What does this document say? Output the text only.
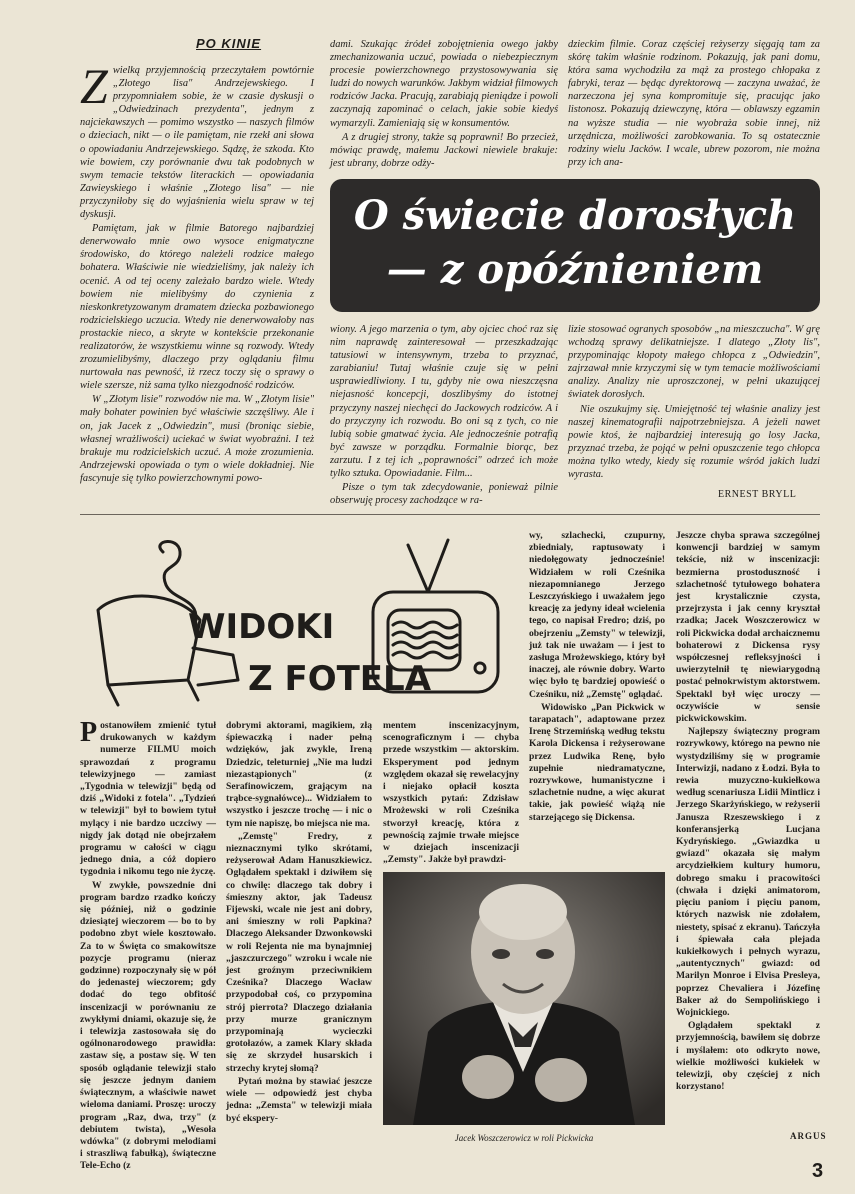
PO KINIE
Z wielką przyjemnością przeczytałem powtórnie „Złotego lisa" Andrzejewskiego. I przypomniałem sobie, że w czasie dyskusji o „Odwiedzinach prezydenta", jednym z najciekawszych — pomimo wszystko — naszych filmów o dzieciach, nikt — o ile pamiętam, nie rzekł ani słowa o opowiadaniu Andrzejewskiego. Sądzę, że szkoda. Kto wie bowiem, czy porównanie dwu tak podobnych w swym temacie tekstów literackich — opowiadania Zawieyskiego i właśnie „Złotego lisa" — nie przyczyniłoby się do wyjaśnienia wielu spraw w tej dyskusji.

Pamiętam, jak w filmie Batorego najbardziej denerwowało mnie owo wysoce enigmatyczne środowisko, do którego należeli rodzice małego bohatera. Właściwie nie wiedzieliśmy, jak należy ich ocenić. A od tej oceny zależało bardzo wiele. Wtedy bowiem nie mielibyśmy do czynienia z nieskonkretyzowanym dramatem dziecka pozbawionego rodzicielskiego uczucia. Wtedy nie denerwowałoby nas prostackie nieco, a skryte w kontekście przekonanie realizatorów, że wszystkiemu winne są rozwody. Wtedy zrozumielibyśmy, dlaczego przy oglądaniu filmu nurtowała nas pewność, iż rzecz toczy się o sprawy o wiele szersze, niż sama tylko niezgodność rodziców.

W „Złotym lisie" rozwodów nie ma. W „Złotym lisie" mały bohater powinien być właściwie szczęśliwy. Ale i on, jak Jacek z „Odwiedzin", musi (broniąc siebie, własnej wrażliwości) uciekać w świat wyobraźni. I też brakuje mu rodzicielskich uczuć. A może zrozumienia. Andrzejewski opowiada o tym o wiele dokładniej. Nie fascynuje się tylko powierzchownymi powo-

dami. Szukając źródeł zobojętnienia owego jakby zmechanizowania uczuć, powiada o niebezpiecznym procesie powierzchownego przystosowywania się ludzi do nowych warunków. Jakbym widział filmowych rodziców Jacka. Pracują, zarabiają pieniądze i powoli zaczynają zapominać o celach, jakie sobie kiedyś wymarzyli. Zamieniają się w konsumentów.

A z drugiej strony, także są poprawni! Bo przecież, mówiąc prawdę, małemu Jackowi niewiele brakuje: jest ubrany, dobrze odży-

dzieckim filmie. Coraz częściej reżyserzy sięgają tam za skórę takim właśnie rodzinom. Pokazują, jak pani domu, która sama wychodziła za mąż za prostego chłopaka z fabryki, teraz — będąc dyrektorową — zaczyna uważać, że narzeczona jej syna kompromituje się, pracując jako listonosz. Pokazują dziewczynę, która — oblawszy egzamin na wyższe studia — nie wyobraża sobie innej, niż urzędnicza, możliwości zarobkowania. To są ostatecznie rodziny wielu Jacków. I wcale, ubrew pozorom, nie można przy ich ana-

O świecie dorosłych
— z opóźnieniem

wiony. A jego marzenia o tym, aby ojciec choć raz się nim naprawdę zainteresował — przeszkadzając tatusiowi w intensywnym, trzeba to przyznać, zarabianiu! Tutaj właśnie czuje się w pełni usprawiedliwiony. I tu, gdyby nie owa nieszczęsna niejasność koncepcji, doszlibyśmy do istotnej przyczyny naszej niechęci do Jackowych rodziców. A i do przyczyny ich rozwodu. Bo oni są z tych, co nie lubią sobie gmatwać życia. Ale jednocześnie potrafią być zawsze w porządku. Formalnie biorąc, bez zarzutu. I z tej ich „poprawności" odrzeć ich może tylko sztuka. Opowiadanie. Film...

Pisze o tym tak zdecydowanie, ponieważ pilnie obserwuję procesy zachodzące w ra-

lizie stosować ogranych sposobów „na mieszczucha". W grę wchodzą sprawy delikatniejsze. I dlatego „Złoty lis", przypominając kłopoty małego chłopca z „Odwiedzin", zajrzawał mnie krzyczymi się w tym temacie możliwościami analizy. Analizy nie uproszczonej, w pełni ukazującej światek dorosłych.

Nie oszukujmy się. Umiejętność tej właśnie analizy jest naszej kinematografii najpotrzebniejsza. A jeżeli nawet powie ktoś, że najbardziej interesują go losy Jacka, przyznać trzeba, że pojąć w pełni opuszczenie tego chłopca można tylko wtedy, kiedy się rozumie wśród jakich ludzi wyrasta.

ERNEST BRYLL
WIDOKI
Z FOTELA
P ostanowiłem zmienić tytuł drukowanych w każdym numerze FILMU moich sprawozdań z programu telewizyjnego — zamiast „Tygodnia w telewizji" będą od dziś „Widoki z fotela". „Tydzień w telewizji" był to bowiem tytuł mylący i nie bardzo uczciwy — nigdy jak dotąd nie obejrzałem programu w całości w ciągu jednego dnia, a cóż dopiero tygodnia i nikomu tego nie życzę.

W zwykłe, powszednie dni program bardzo rzadko kończy się później, niż o godzinie dziesiątej wieczorem — bo to by podobno zbyt wiele kosztowało. Za to w Święta co smakowitsze pozycje programu (nieraz godzinne) rozpoczynały się w pół do jedenastej wieczorem; gdy dodać do tego obfitość inscenizacji w porównaniu ze zwykłymi dniami, okazuje się, że i telewizja zastosowała się do ogólnonarodowego prawidła: zastaw się, a postaw się. W ten sposób oglądanie telewizji stało się jeszcze jednym daniem świątecznym, a właściwie nawet wieloma daniami. Proszę: uroczy program „Raz, dwa, trzy" (z debiutem twista), „Wesoła wdówka" (z dobrymi melodiami i straszliwą fabułką), świąteczne Tele-Echo (z

dobrymi aktorami, magikiem, złą śpiewaczką i nader pełną wdzięków, jak zwykle, Ireną Dziedzic, teleturniej „Nie ma ludzi niezastąpionych" (z Serafinowiczem, grającym na trąbce-sygnałówce)... Widziałem to wszystko i jeszcze trochę — i nic o tym nie napiszę, bo miejsca nie ma.

„Zemstę" Fredry, z nieznacznymi tylko skrótami, reżyserował Adam Hanuszkiewicz. Oglądałem spektakl i dziwiłem się co chwilę: dlaczego tak dobry i śmieszny aktor, jak Tadeusz Fijewski, wcale nie jest ani dobry, ani śmieszny w roli Papkina? Dlaczego Aleksander Dzwonkowski w roli Rejenta nie ma bynajmniej „jaszczurczego" wzroku i wcale nie jest groźnym przeciwnikiem Cześnika? Dlaczego Wacław przypodobał coś, co przypomina strój pierrota? Dlaczego działania przy murze granicznym przypominają wycieczki grotołazów, a zamek Klary składa się ze skrzydeł husarskich i strzechy krytej słomą?

Pytań można by stawiać jeszcze wiele — odpowiedź jest chyba jedna: „Zemsta" w telewizji miała być ekspery-

mentem inscenizacyjnym, scenograficznym i — chyba przede wszystkim — aktorskim. Eksperyment pod jednym względem okazał się rewelacyjny i niejako opłacił koszta wszystkich pytań: Zdzisław Mrożewski w roli Cześnika stworzył kreację, która z pewnością zajmie trwałe miejsce w dziejach inscenizacji „Zemsty". Jakże był prawdzi-

wy, szlachecki, czupurny, zbiednialy, raptusowaty i niedołęgowaty jednocześnie! Widziałem w roli Cześnika niezapomnianego Jerzego Leszczyńskiego i uważałem jego kreację za jedyny ideał wcielenia tego, co napisał Fredro; dziś, po obejrzeniu „Zemsty" w telewizji, już tak nie uważam — i jest to zasługa Mrożewskiego, który był inaczej, ale równie dobry. Warto więc było tę bardziej opowieść o Cześniku, niż „Zemstę" oglądać.

Widowisko „Pan Pickwick w tarapatach", adaptowane przez Irenę Strzemińską według tekstu Karola Dickensa i reżyserowane przez Ludwika Renę, było zupełnie niedramatyczne, rozrywkowe, humanistyczne i szlachetnie nudne, a więc akurat takie, jak powieść wiążą nie starzejącego się Dickensa.

Jeszcze chyba sprawa szczególnej konwencji bardziej w samym tekście, niż w inscenizacji: bezmierna prostoduszność i szlachetność tytułowego bohatera jest krystalicznie czysta, przejrzysta i jak cenny kryształ rzadka; Jacek Woszczerowicz w roli Pickwicka dodał archaicznemu bohaterowi z Dickensa rysy współczesnej refleksyjności i uwierzytelnił tę niewiarygodną postać pełnokrwistym aktorstwem. Spektakl był więc uroczy — oczywiście w sensie pickwickowskim.

Najlepszy świąteczny program rozrywkowy, którego na pewno nie wystydziliśmy się w programie Interwizji, nadano z Łodzi. Była to rewia muzyczno-kukiełkowa według scenariusza Lidii Mintlicz i Jerzego Skarżyńskiego, w reżyserii Janusza Rzeszewskiego i z konferansjerką Lucjana Kydryńskiego. „Gwiazdka u gwiazd" okazała się małym arcydziełkiem kultury humoru, dobrego smaku i pracowitości (chwała i dzięki animatorom, pięciu paniom i pięciu panom, których nazwisk nie zdołałem, niestety, spisać z ekranu). Tańczyła i śpiewała cała plejada kukiełkowych i pełnych wyrazu, „autentycznych" gwiazd: od Marilyn Monroe i Elvisa Presleya, poprzez Chevaliera i Józefinę Baker aż do Sempolińskiego i Wojnickiego.

Oglądałem spektakl z przyjemnością, bawiłem się dobrze i myślałem: oto odkryto nowe, wielkie możliwości kukiełek w telewizji, oby częściej z nich korzystano!

ARGUS
Jacek Woszczerowicz w roli Pickwicka
3
